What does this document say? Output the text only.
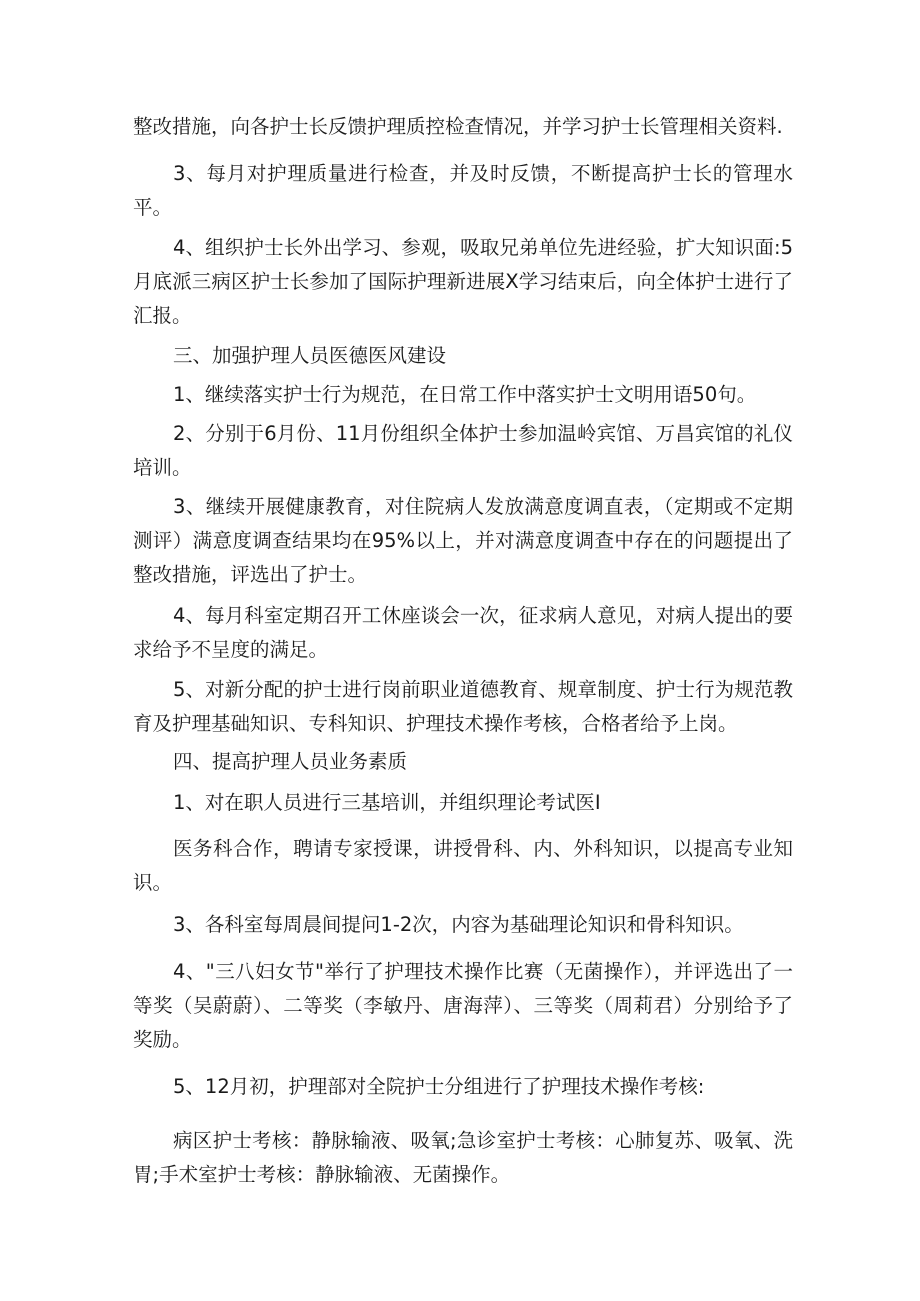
整改措施，向各护士长反馈护理质控检查情况，并学习护士长管理相关资料.

3、每月对护理质量进行检查，并及时反馈，不断提高护士长的管理水平。

4、组织护士长外出学习、参观，吸取兄弟单位先进经验，扩大知识面:5月底派三病区护士长参加了国际护理新进展X学习结束后，向全体护士进行了汇报。

三、加强护理人员医德医风建设

1、继续落实护士行为规范，在日常工作中落实护士文明用语50句。

2、分别于6月份、11月份组织全体护士参加温岭宾馆、万昌宾馆的礼仪培训。

3、继续开展健康教育，对住院病人发放满意度调直表，（定期或不定期测评）满意度调查结果均在95%以上，并对满意度调查中存在的问题提出了整改措施，评选出了护士。

4、每月科室定期召开工休座谈会一次，征求病人意见，对病人提出的要求给予不呈度的满足。

5、对新分配的护士进行岗前职业道德教育、规章制度、护士行为规范教育及护理基础知识、专科知识、护理技术操作考核，合格者给予上岗。

四、提高护理人员业务素质

1、对在职人员进行三基培训，并组织理论考试医I

医务科合作，聘请专家授课，讲授骨科、内、外科知识，以提高专业知识。

3、各科室每周晨间提问1-2次，内容为基础理论知识和骨科知识。

4、"三八妇女节"举行了护理技术操作比赛（无菌操作），并评选出了一等奖（吴蔚蔚）、二等奖（李敏丹、唐海萍）、三等奖（周莉君）分别给予了奖励。

5、12月初，护理部对全院护士分组进行了护理技术操作考核:

病区护士考核：静脉输液、吸氧;急诊室护士考核：心肺复苏、吸氧、洗胃;手术室护士考核：静脉输液、无菌操作。
